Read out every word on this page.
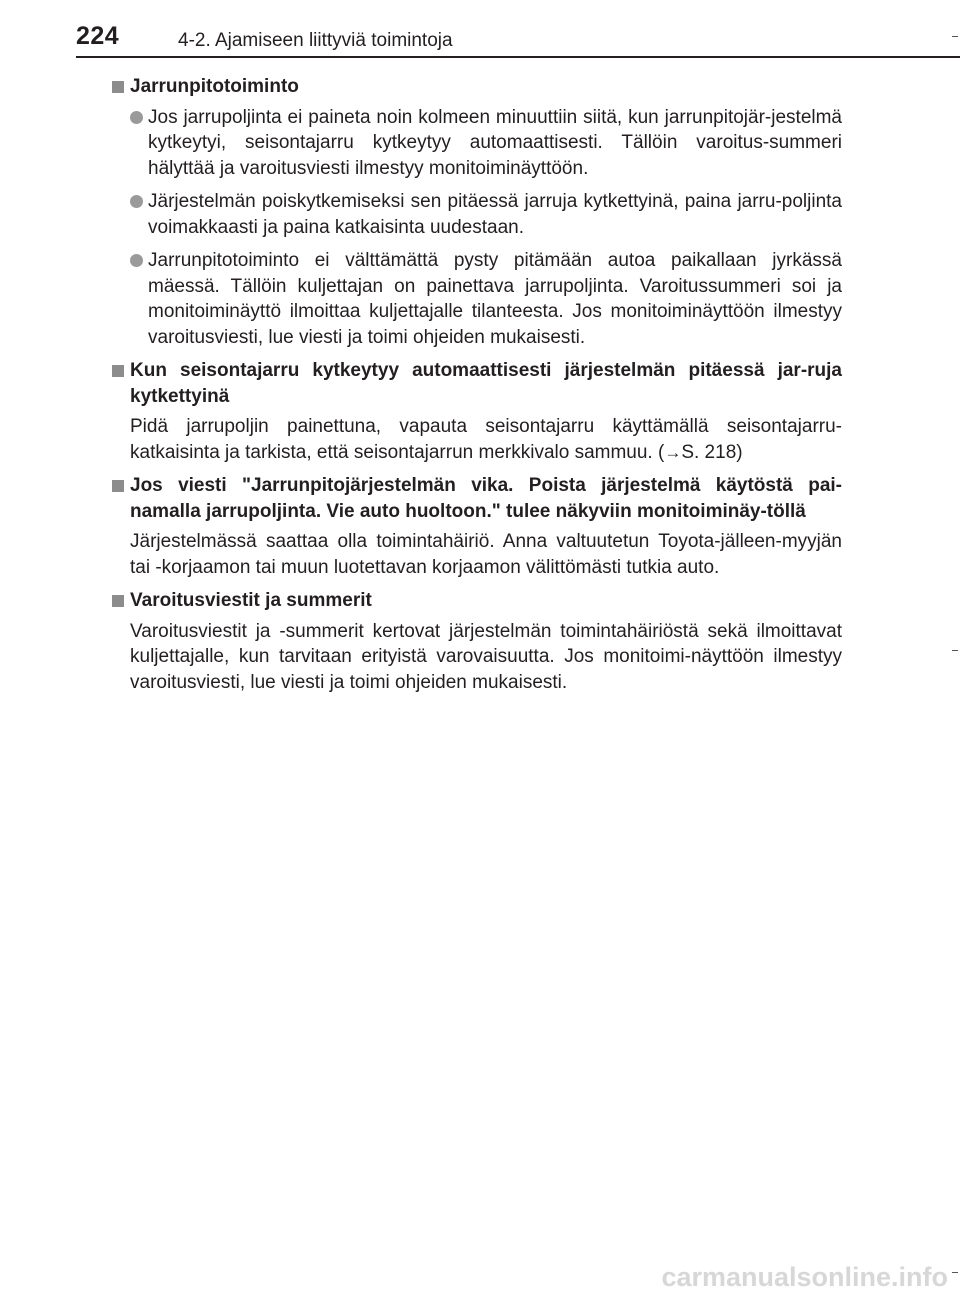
224	4-2. Ajamiseen liittyviä toimintoja
Jarrunpitotoiminto
Jos jarrupoljinta ei paineta noin kolmeen minuuttiin siitä, kun jarrunpitojär-jestelmä kytkeytyi, seisontajarru kytkeytyy automaattisesti. Tällöin varoitus-summeri hälyttää ja varoitusviesti ilmestyy monitoiminäyttöön.
Järjestelmän poiskytkemiseksi sen pitäessä jarruja kytkettyinä, paina jarru-poljinta voimakkaasti ja paina katkaisinta uudestaan.
Jarrunpitotoiminto ei välttämättä pysty pitämään autoa paikallaan jyrkässä mäessä. Tällöin kuljettajan on painettava jarrupoljinta. Varoitussummeri soi ja monitoiminäyttö ilmoittaa kuljettajalle tilanteesta. Jos monitoiminäyttöön ilmestyy varoitusviesti, lue viesti ja toimi ohjeiden mukaisesti.
Kun seisontajarru kytkeytyy automaattisesti järjestelmän pitäessä jar-ruja kytkettyinä
Pidä jarrupoljin painettuna, vapauta seisontajarru käyttämällä seisontajarru-katkaisinta ja tarkista, että seisontajarrun merkkivalo sammuu. (→S. 218)
Jos viesti "Jarrunpitojärjestelmän vika. Poista järjestelmä käytöstä pai-namalla jarrupoljinta. Vie auto huoltoon." tulee näkyviin monitoiminäy-töllä
Järjestelmässä saattaa olla toimintahäiriö. Anna valtuutetun Toyota-jälleen-myyjän tai -korjaamon tai muun luotettavan korjaamon välittömästi tutkia auto.
Varoitusviestit ja summerit
Varoitusviestit ja -summerit kertovat järjestelmän toimintahäiriöstä sekä ilmoittavat kuljettajalle, kun tarvitaan erityistä varovaisuutta. Jos monitoimi-näyttöön ilmestyy varoitusviesti, lue viesti ja toimi ohjeiden mukaisesti.
carmanualsonline.info
